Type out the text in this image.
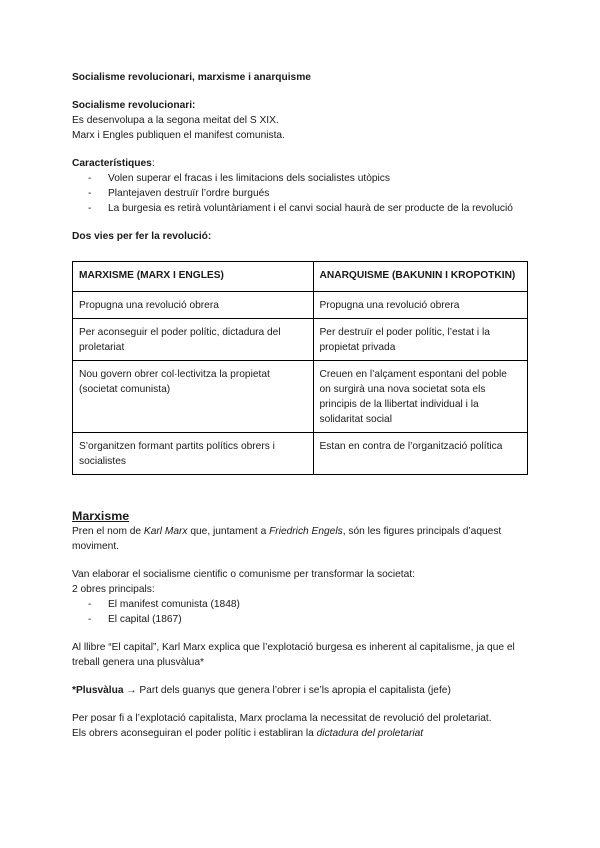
Socialisme revolucionari, marxisme i anarquisme

Socialisme revolucionari:

Es desenvolupa a la segona meitat del S XIX.

Marx i Engles publiquen el manifest comunista.

Característiques:

- Volen superar el fracas i les limitacions dels socialistes utòpics
- Plantejaven destruïr l’ordre burgués
- La burgesia es retirà voluntàriament i el canvi social haurà de ser producte de la revolució

Dos vies per fer la revolució:

MARXISME (MARX I ENGLES)	ANARQUISME (BAKUNIN I KROPOTKIN)
Propugna una revolució obrera	Propugna una revolució obrera
Per aconseguir el poder polític, dictadura del proletariat	Per destruïr el poder polític, l’estat i la propietat privada
Nou govern obrer col·lectivitza la propietat (societat comunista)	Creuen en l’alçament espontani del poble on surgirà una nova societat sota els principis de la llibertat individual i la solidaritat social
S’organitzen formant partits polítics obrers i socialistes	Estan en contra de l’organització política

Marxisme

Pren el nom de Karl Marx que, juntament a Friedrich Engels, són les figures principals d’aquest moviment.

Van elaborar el socialisme cientific o comunisme per transformar la societat:

2 obres principals:

- El manifest comunista (1848)
- El capital (1867)

Al llibre “El capital”, Karl Marx explica que l’explotació burgesa es inherent al capitalisme, ja que el treball genera una plusvàlua*

*Plusvàlua → Part dels guanys que genera l’obrer i se’ls apropia el capitalista (jefe)

Per posar fi a l’explotació capitalista, Marx proclama la necessitat de revolució del proletariat.

Els obrers aconseguiran el poder polític i establiran la dictadura del proletariat
